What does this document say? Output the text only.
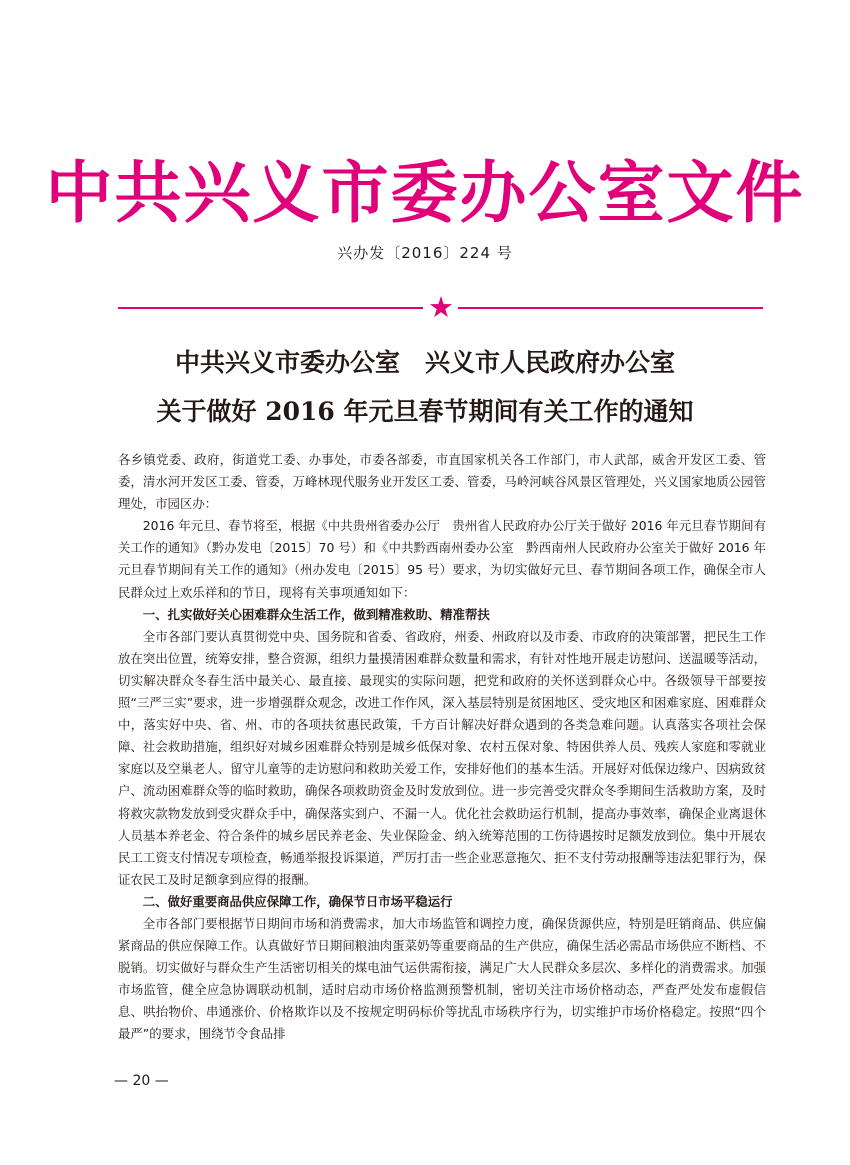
中共兴义市委办公室文件
兴办发〔2016〕224 号
★
中共兴义市委办公室　兴义市人民政府办公室
关于做好 2016 年元旦春节期间有关工作的通知

各乡镇党委、政府，街道党工委、办事处，市委各部委，市直国家机关各工作部门，市人武部，威舍开发区工委、管委，清水河开发区工委、管委，万峰林现代服务业开发区工委、管委，马岭河峡谷风景区管理处，兴义国家地质公园管理处，市园区办：

2016 年元旦、春节将至，根据《中共贵州省委办公厅　贵州省人民政府办公厅关于做好 2016 年元旦春节期间有关工作的通知》（黔办发电〔2015〕70 号）和《中共黔西南州委办公室　黔西南州人民政府办公室关于做好 2016 年元旦春节期间有关工作的通知》（州办发电〔2015〕95 号）要求，为切实做好元旦、春节期间各项工作，确保全市人民群众过上欢乐祥和的节日，现将有关事项通知如下：

一、扎实做好关心困难群众生活工作，做到精准救助、精准帮扶

全市各部门要认真贯彻党中央、国务院和省委、省政府，州委、州政府以及市委、市政府的决策部署，把民生工作放在突出位置，统筹安排，整合资源，组织力量摸清困难群众数量和需求，有针对性地开展走访慰问、送温暖等活动，切实解决群众冬春生活中最关心、最直接、最现实的实际问题，把党和政府的关怀送到群众心中。各级领导干部要按照“三严三实”要求，进一步增强群众观念，改进工作作风，深入基层特别是贫困地区、受灾地区和困难家庭、困难群众中，落实好中央、省、州、市的各项扶贫惠民政策，千方百计解决好群众遇到的各类急难问题。认真落实各项社会保障、社会救助措施，组织好对城乡困难群众特别是城乡低保对象、农村五保对象、特困供养人员、残疾人家庭和零就业家庭以及空巢老人、留守儿童等的走访慰问和救助关爱工作，安排好他们的基本生活。开展好对低保边缘户、因病致贫户、流动困难群众等的临时救助，确保各项救助资金及时发放到位。进一步完善受灾群众冬季期间生活救助方案，及时将救灾款物发放到受灾群众手中，确保落实到户、不漏一人。优化社会救助运行机制，提高办事效率，确保企业离退休人员基本养老金、符合条件的城乡居民养老金、失业保险金、纳入统筹范围的工伤待遇按时足额发放到位。集中开展农民工工资支付情况专项检查，畅通举报投诉渠道，严厉打击一些企业恶意拖欠、拒不支付劳动报酬等违法犯罪行为，保证农民工及时足额拿到应得的报酬。

二、做好重要商品供应保障工作，确保节日市场平稳运行

全市各部门要根据节日期间市场和消费需求，加大市场监管和调控力度，确保货源供应，特别是旺销商品、供应偏紧商品的供应保障工作。认真做好节日期间粮油肉蛋菜奶等重要商品的生产供应，确保生活必需品市场供应不断档、不脱销。切实做好与群众生产生活密切相关的煤电油气运供需衔接，满足广大人民群众多层次、多样化的消费需求。加强市场监管，健全应急协调联动机制，适时启动市场价格监测预警机制，密切关注市场价格动态，严查严处发布虚假信息、哄抬物价、串通涨价、价格欺诈以及不按规定明码标价等扰乱市场秩序行为，切实维护市场价格稳定。按照“四个最严”的要求，围绕节令食品排

— 20 —
